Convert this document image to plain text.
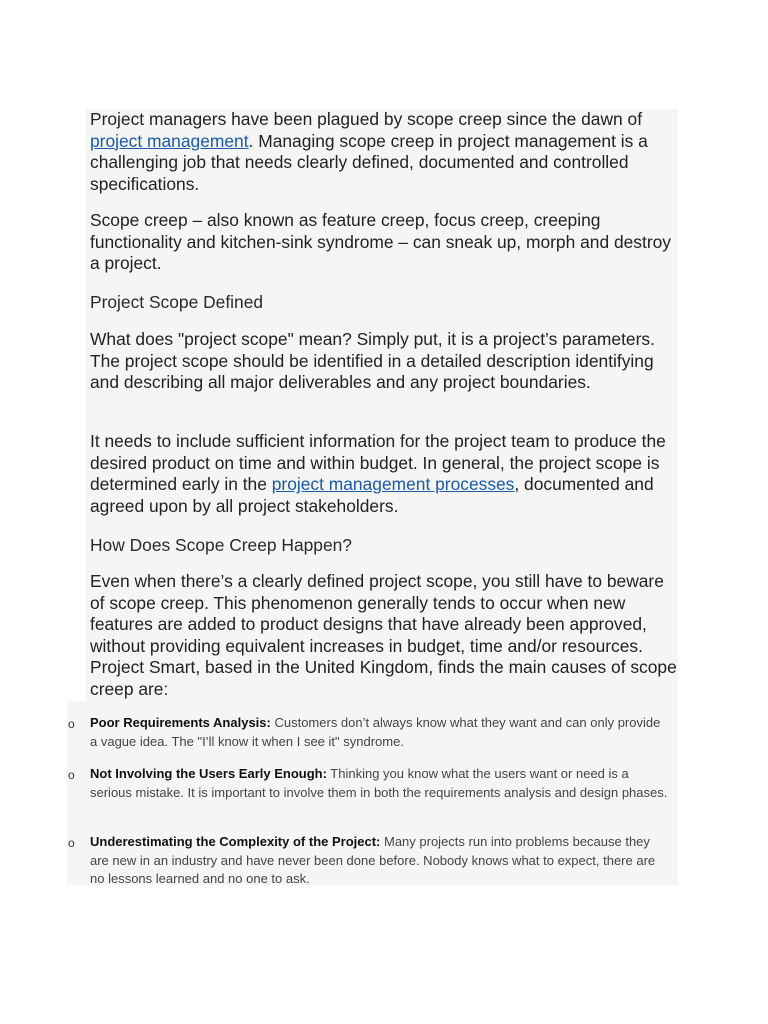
Project managers have been plagued by scope creep since the dawn of project management. Managing scope creep in project management is a challenging job that needs clearly defined, documented and controlled specifications.

Scope creep – also known as feature creep, focus creep, creeping functionality and kitchen-sink syndrome – can sneak up, morph and destroy a project.

Project Scope Defined

What does "project scope" mean? Simply put, it is a project’s parameters. The project scope should be identified in a detailed description identifying and describing all major deliverables and any project boundaries.

It needs to include sufficient information for the project team to produce the desired product on time and within budget. In general, the project scope is determined early in the project management processes, documented and agreed upon by all project stakeholders.

How Does Scope Creep Happen?

Even when there’s a clearly defined project scope, you still have to beware of scope creep. This phenomenon generally tends to occur when new features are added to product designs that have already been approved, without providing equivalent increases in budget, time and/or resources. Project Smart, based in the United Kingdom, finds the main causes of scope creep are:

o Poor Requirements Analysis: Customers don’t always know what they want and can only provide a vague idea. The "I’ll know it when I see it" syndrome.
o Not Involving the Users Early Enough: Thinking you know what the users want or need is a serious mistake. It is important to involve them in both the requirements analysis and design phases.
o Underestimating the Complexity of the Project: Many projects run into problems because they are new in an industry and have never been done before. Nobody knows what to expect, there are no lessons learned and no one to ask.
